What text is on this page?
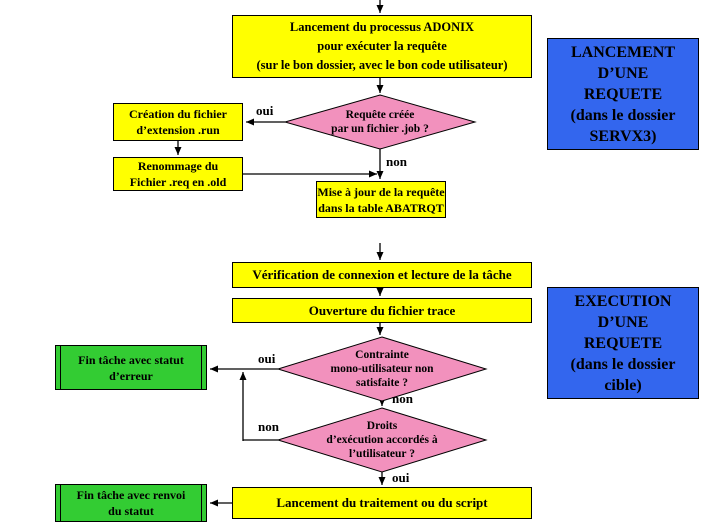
Lancement du processus ADONIX
pour exécuter la requête
(sur le bon dossier, avec le bon code utilisateur)
Création du fichier
d’extension .run
Renommage du
Fichier .req en .old
Mise à jour de la requête
dans la table ABATRQT
Vérification de connexion et lecture de la tâche
Ouverture du fichier trace
Lancement du traitement ou du script
Fin tâche avec statut
d’erreur
Fin tâche avec renvoi
du statut
Requête créée
par un fichier .job ?
Contrainte
mono-utilisateur non
satisfaite ?
Droits
d’exécution accordés à
l’utilisateur ?
LANCEMENT
D’UNE
REQUETE
(dans le dossier
SERVX3)
EXECUTION
D’UNE
REQUETE
(dans le dossier
cible)
oui
non
oui
non
non
oui
